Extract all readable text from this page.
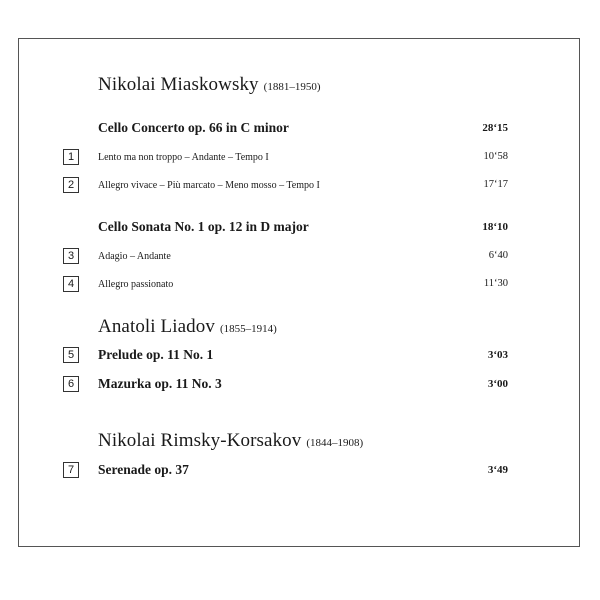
Nikolai Miaskowsky (1881–1950)
Cello Concerto op. 66 in C minor	28‘15
1	Lento ma non troppo – Andante – Tempo I	10‘58
2	Allegro vivace – Più marcato – Meno mosso – Tempo I	17‘17
Cello Sonata No. 1 op. 12 in D major	18‘10
3	Adagio – Andante	6‘40
4	Allegro passionato	11‘30
Anatoli Liadov (1855–1914)
5	Prelude op. 11 No. 1	3‘03
6	Mazurka op. 11 No. 3	3‘00
Nikolai Rimsky-Korsakov (1844–1908)
7	Serenade op. 37	3‘49
